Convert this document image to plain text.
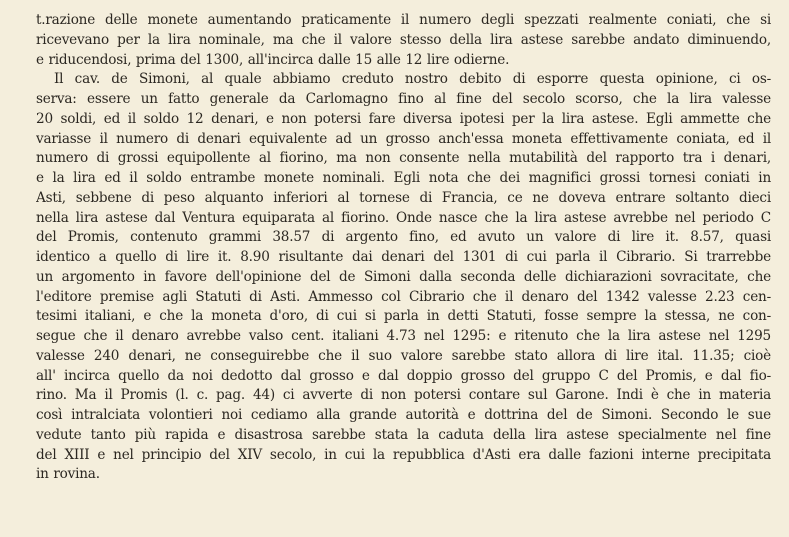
t.razione delle monete aumentando praticamente il numero degli spezzati realmente coniati, che si
ricevevano per la lira nominale, ma che il valore stesso della lira astese sarebbe andato diminuendo,
e riducendosi, prima del 1300, all'incirca dalle 15 alle 12 lire odierne.
Il cav. de Simoni, al quale abbiamo creduto nostro debito di esporre questa opinione, ci os-
serva: essere un fatto generale da Carlomagno fino al fine del secolo scorso, che la lira valesse
20 soldi, ed il soldo 12 denari, e non potersi fare diversa ipotesi per la lira astese. Egli ammette che
variasse il numero di denari equivalente ad un grosso anch'essa moneta effettivamente coniata, ed il
numero di grossi equipollente al fiorino, ma non consente nella mutabilità del rapporto tra i denari,
e la lira ed il soldo entrambe monete nominali. Egli nota che dei magnifici grossi tornesi coniati in
Asti, sebbene di peso alquanto inferiori al tornese di Francia, ce ne doveva entrare soltanto dieci
nella lira astese dal Ventura equiparata al fiorino. Onde nasce che la lira astese avrebbe nel periodo C
del Promis, contenuto grammi 38.57 di argento fino, ed avuto un valore di lire it. 8.57, quasi
identico a quello di lire it. 8.90 risultante dai denari del 1301 di cui parla il Cibrario. Si trarrebbe
un argomento in favore dell'opinione del de Simoni dalla seconda delle dichiarazioni sovracitate, che
l'editore premise agli Statuti di Asti. Ammesso col Cibrario che il denaro del 1342 valesse 2.23 cen-
tesimi italiani, e che la moneta d'oro, di cui si parla in detti Statuti, fosse sempre la stessa, ne con-
segue che il denaro avrebbe valso cent. italiani 4.73 nel 1295: e ritenuto che la lira astese nel 1295
valesse 240 denari, ne conseguirebbe che il suo valore sarebbe stato allora di lire ital. 11.35; cioè
all' incirca quello da noi dedotto dal grosso e dal doppio grosso del gruppo C del Promis, e dal fio-
rino. Ma il Promis (l. c. pag. 44) ci avverte di non potersi contare sul Garone. Indi è che in materia
così intralciata volontieri noi cediamo alla grande autorità e dottrina del de Simoni. Secondo le sue
vedute tanto più rapida e disastrosa sarebbe stata la caduta della lira astese specialmente nel fine
del XIII e nel principio del XIV secolo, in cui la repubblica d'Asti era dalle fazioni interne precipitata
in rovina.
